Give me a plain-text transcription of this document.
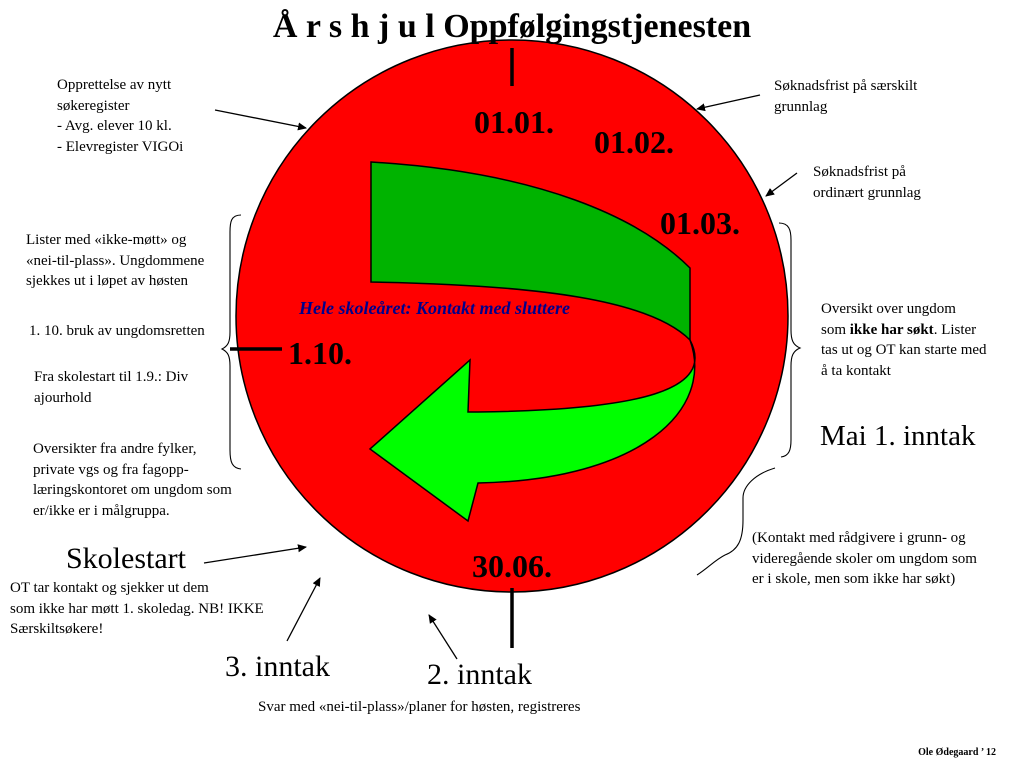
Å r s h j u l Oppfølgingstjenesten
01.01.
01.02.
01.03.
1.10.
30.06.
Hele skoleåret: Kontakt med sluttere
Opprettelse av nytt
søkeregister
- Avg. elever 10 kl.
- Elevregister VIGOi
Søknadsfrist på særskilt
grunnlag
Søknadsfrist på
ordinært grunnlag
Lister med «ikke-møtt» og
«nei-til-plass». Ungdommene
sjekkes ut i løpet av høsten
1. 10. bruk av ungdomsretten
Fra skolestart til 1.9.: Div
ajourhold
Oversikter fra andre fylker,
private vgs og fra fagopp-
læringskontoret om ungdom som
er/ikke er i målgruppa.
Oversikt over ungdom
som ikke har søkt. Lister
tas ut og OT kan starte med
å ta kontakt
Mai 1. inntak
(Kontakt med rådgivere i grunn- og
videregående skoler om ungdom som
er i skole, men som ikke har søkt)
Skolestart
OT tar kontakt og sjekker ut dem
som ikke har møtt 1. skoledag. NB! IKKE
Særskiltsøkere!
3. inntak	2. inntak
Svar med «nei-til-plass»/planer for høsten, registreres
Ole Ødegaard ’ 12
